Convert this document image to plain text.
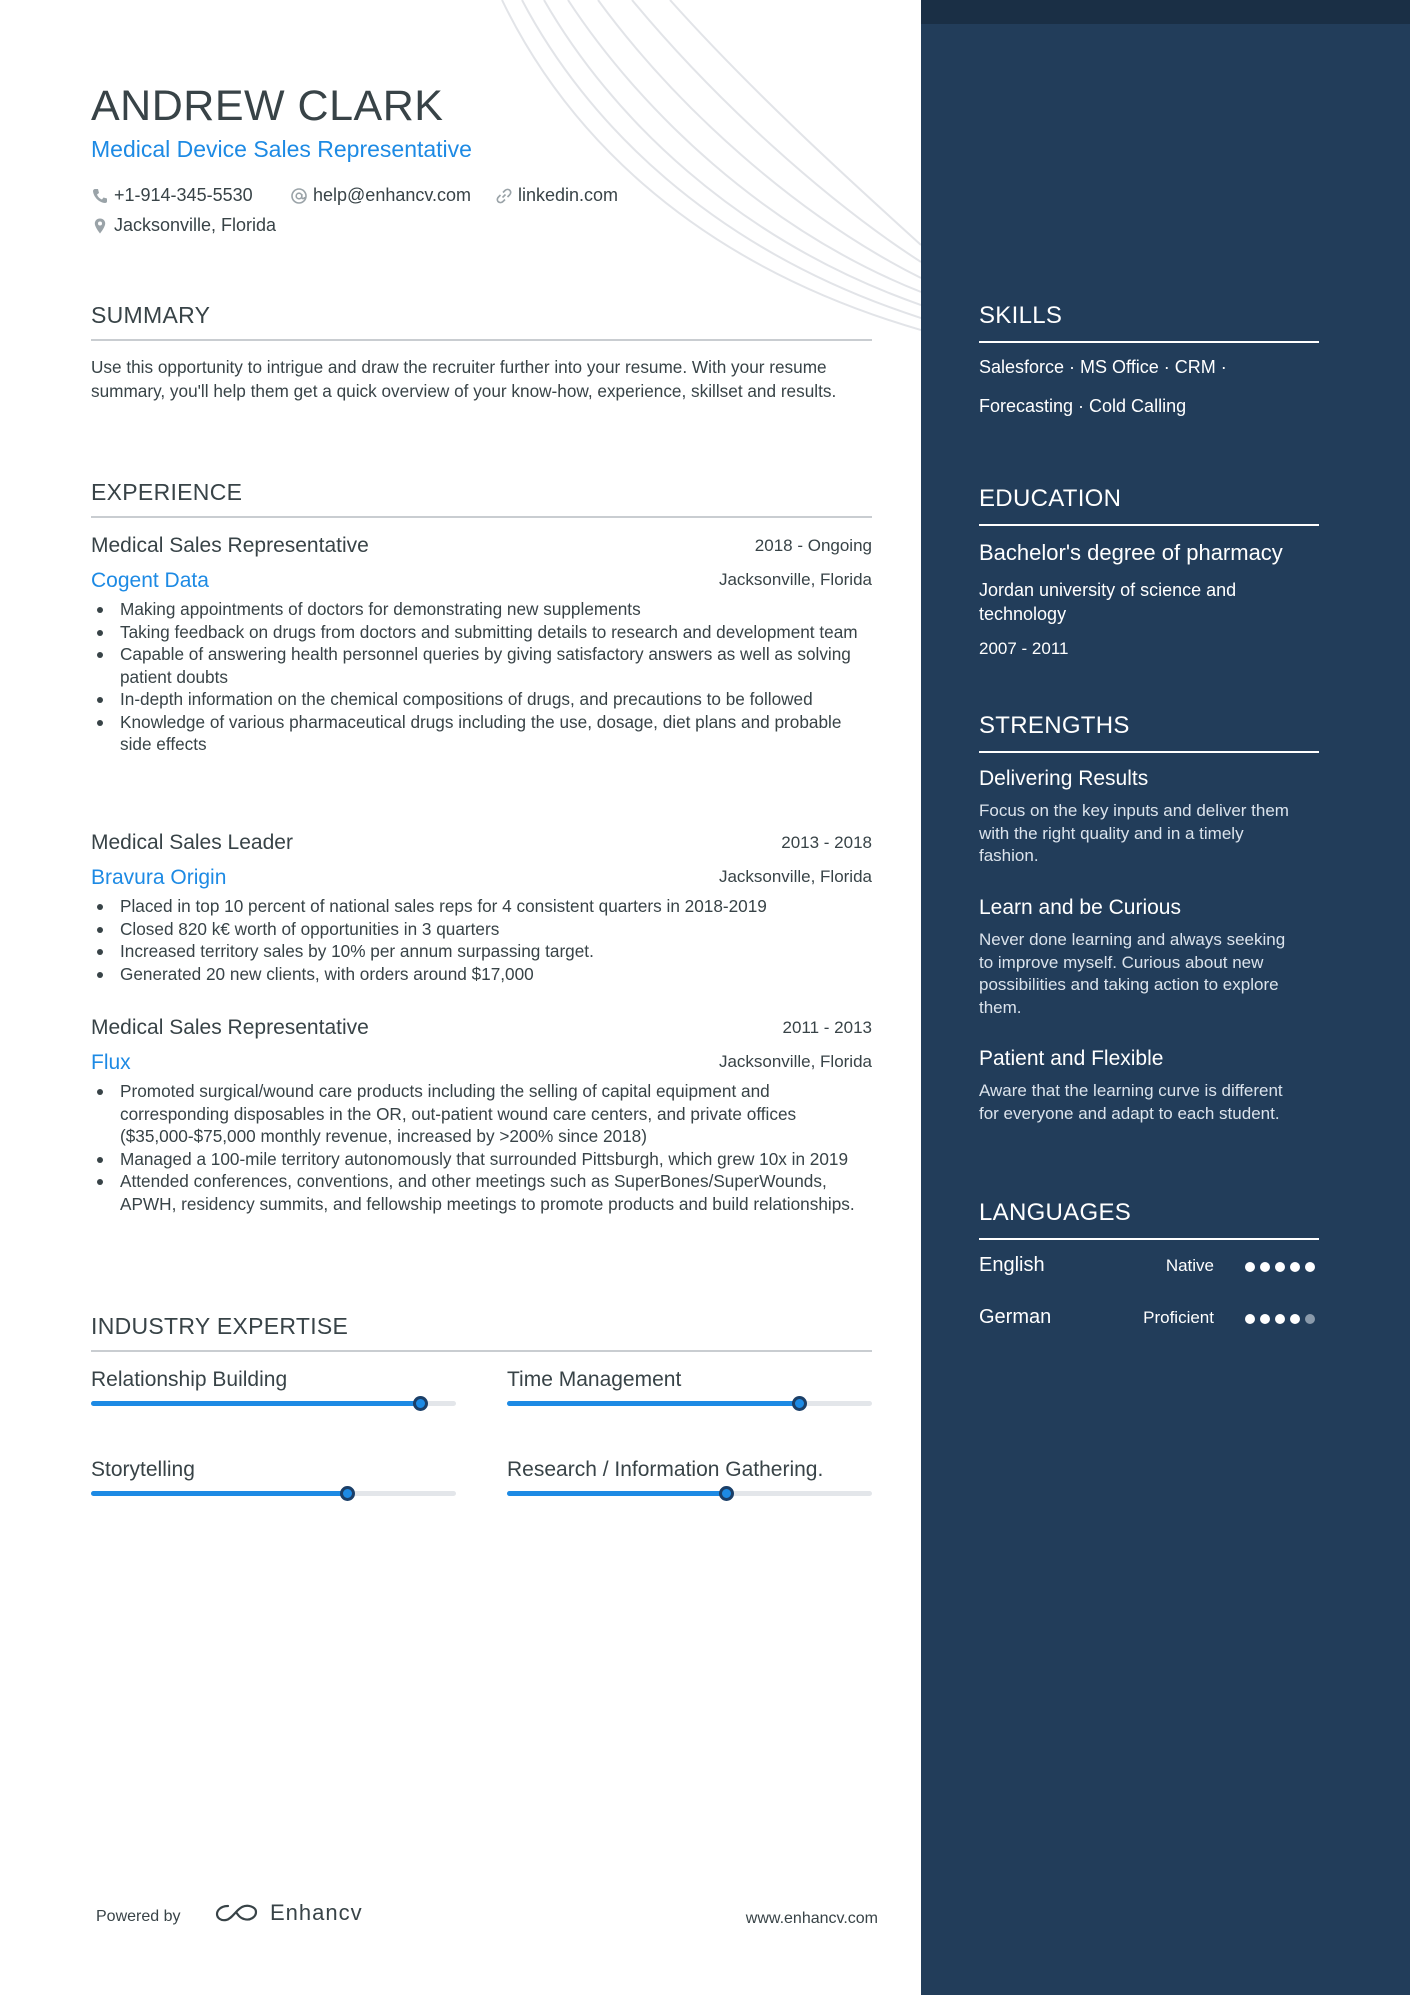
ANDREW CLARK
Medical Device Sales Representative
+1-914-345-5530	help@enhancv.com	linkedin.com
Jacksonville, Florida
SUMMARY
Use this opportunity to intrigue and draw the recruiter further into your resume. With your resume summary, you'll help them get a quick overview of your know-how, experience, skillset and results.
EXPERIENCE
Medical Sales Representative	2018 - Ongoing
Cogent Data	Jacksonville, Florida
Making appointments of doctors for demonstrating new supplements
Taking feedback on drugs from doctors and submitting details to research and development team
Capable of answering health personnel queries by giving satisfactory answers as well as solving patient doubts
In-depth information on the chemical compositions of drugs, and precautions to be followed
Knowledge of various pharmaceutical drugs including the use, dosage, diet plans and probable side effects
Medical Sales Leader	2013 - 2018
Bravura Origin	Jacksonville, Florida
Placed in top 10 percent of national sales reps for 4 consistent quarters in 2018-2019
Closed 820 k€ worth of opportunities in 3 quarters
Increased territory sales by 10% per annum surpassing target.
Generated 20 new clients, with orders around $17,000
Medical Sales Representative	2011 - 2013
Flux	Jacksonville, Florida
Promoted surgical/wound care products including the selling of capital equipment and corresponding disposables in the OR, out-patient wound care centers, and private offices ($35,000-$75,000 monthly revenue, increased by >200% since 2018)
Managed a 100-mile territory autonomously that surrounded Pittsburgh, which grew 10x in 2019
Attended conferences, conventions, and other meetings such as SuperBones/SuperWounds, APWH, residency summits, and fellowship meetings to promote products and build relationships.
INDUSTRY EXPERTISE
Relationship Building	Time Management
Storytelling	Research / Information Gathering.
Powered by	Enhancv	www.enhancv.com
SKILLS
Salesforce · MS Office · CRM ·
Forecasting · Cold Calling
EDUCATION
Bachelor's degree of pharmacy
Jordan university of science and technology
2007 - 2011
STRENGTHS
Delivering Results
Focus on the key inputs and deliver them with the right quality and in a timely fashion.
Learn and be Curious
Never done learning and always seeking to improve myself. Curious about new possibilities and taking action to explore them.
Patient and Flexible
Aware that the learning curve is different for everyone and adapt to each student.
LANGUAGES
English	Native
German	Proficient
